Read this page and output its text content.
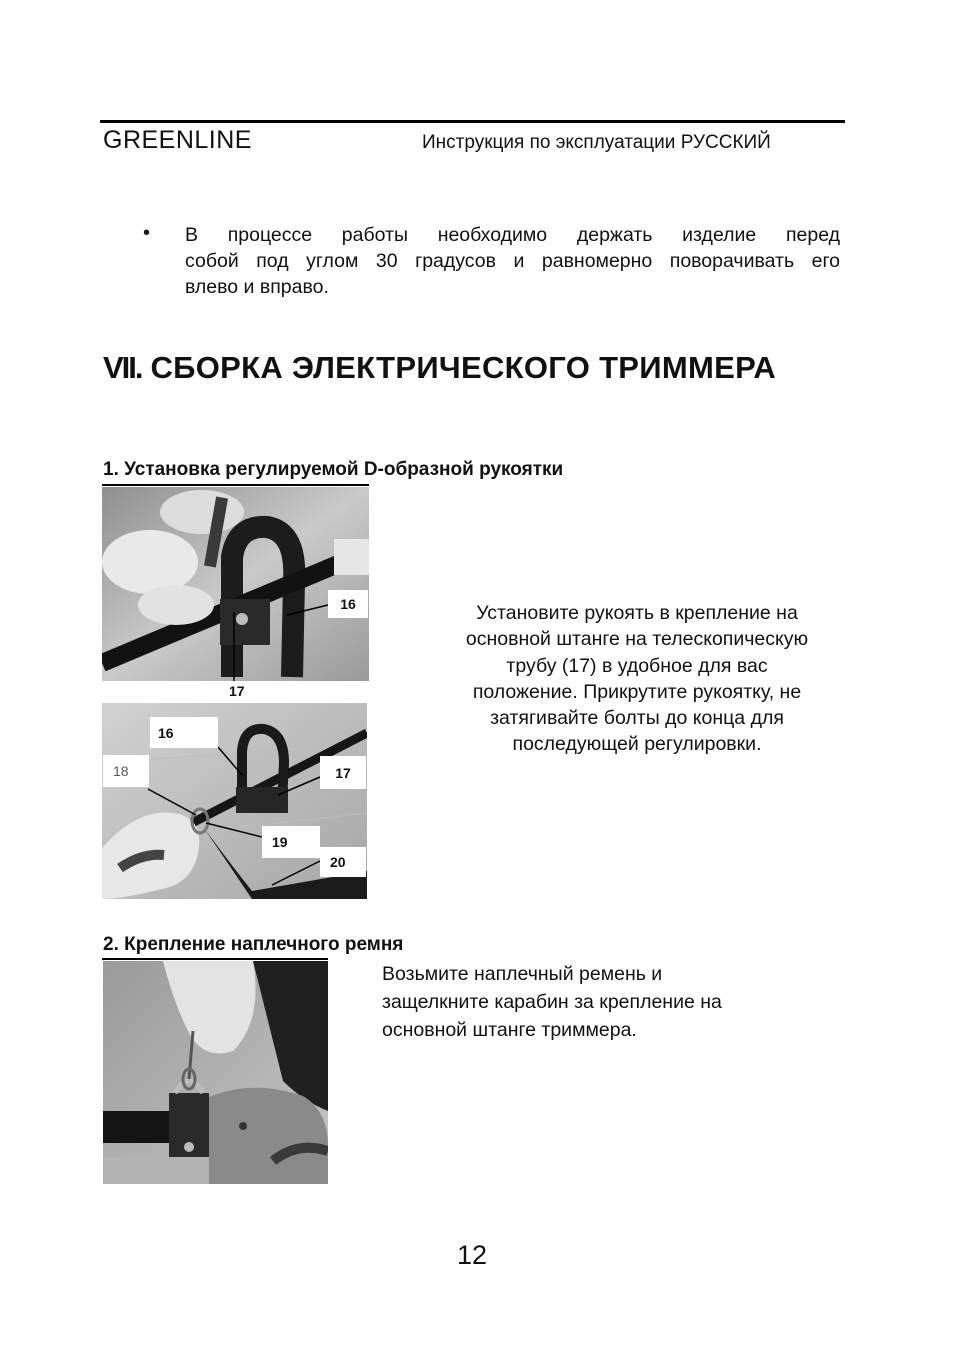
GREENLINE	Инструкция по эксплуатации РУССКИЙ
• В процессе работы необходимо держать изделие перед
собой под углом 30 градусов и равномерно поворачивать его
влево и вправо.
VII. СБОРКА ЭЛЕКТРИЧЕСКОГО ТРИММЕРА
1. Установка регулируемой D-образной рукоятки
16
17
16
18	17
19
20
Установите рукоять в крепление на
основной штанге на телескопическую
трубу (17) в удобное для вас
положение. Прикрутите рукоятку, не
затягивайте болты до конца для
последующей регулировки.
2. Крепление наплечного ремня
Возьмите наплечный ремень и
защелкните карабин за крепление на
основной штанге триммера.
12
